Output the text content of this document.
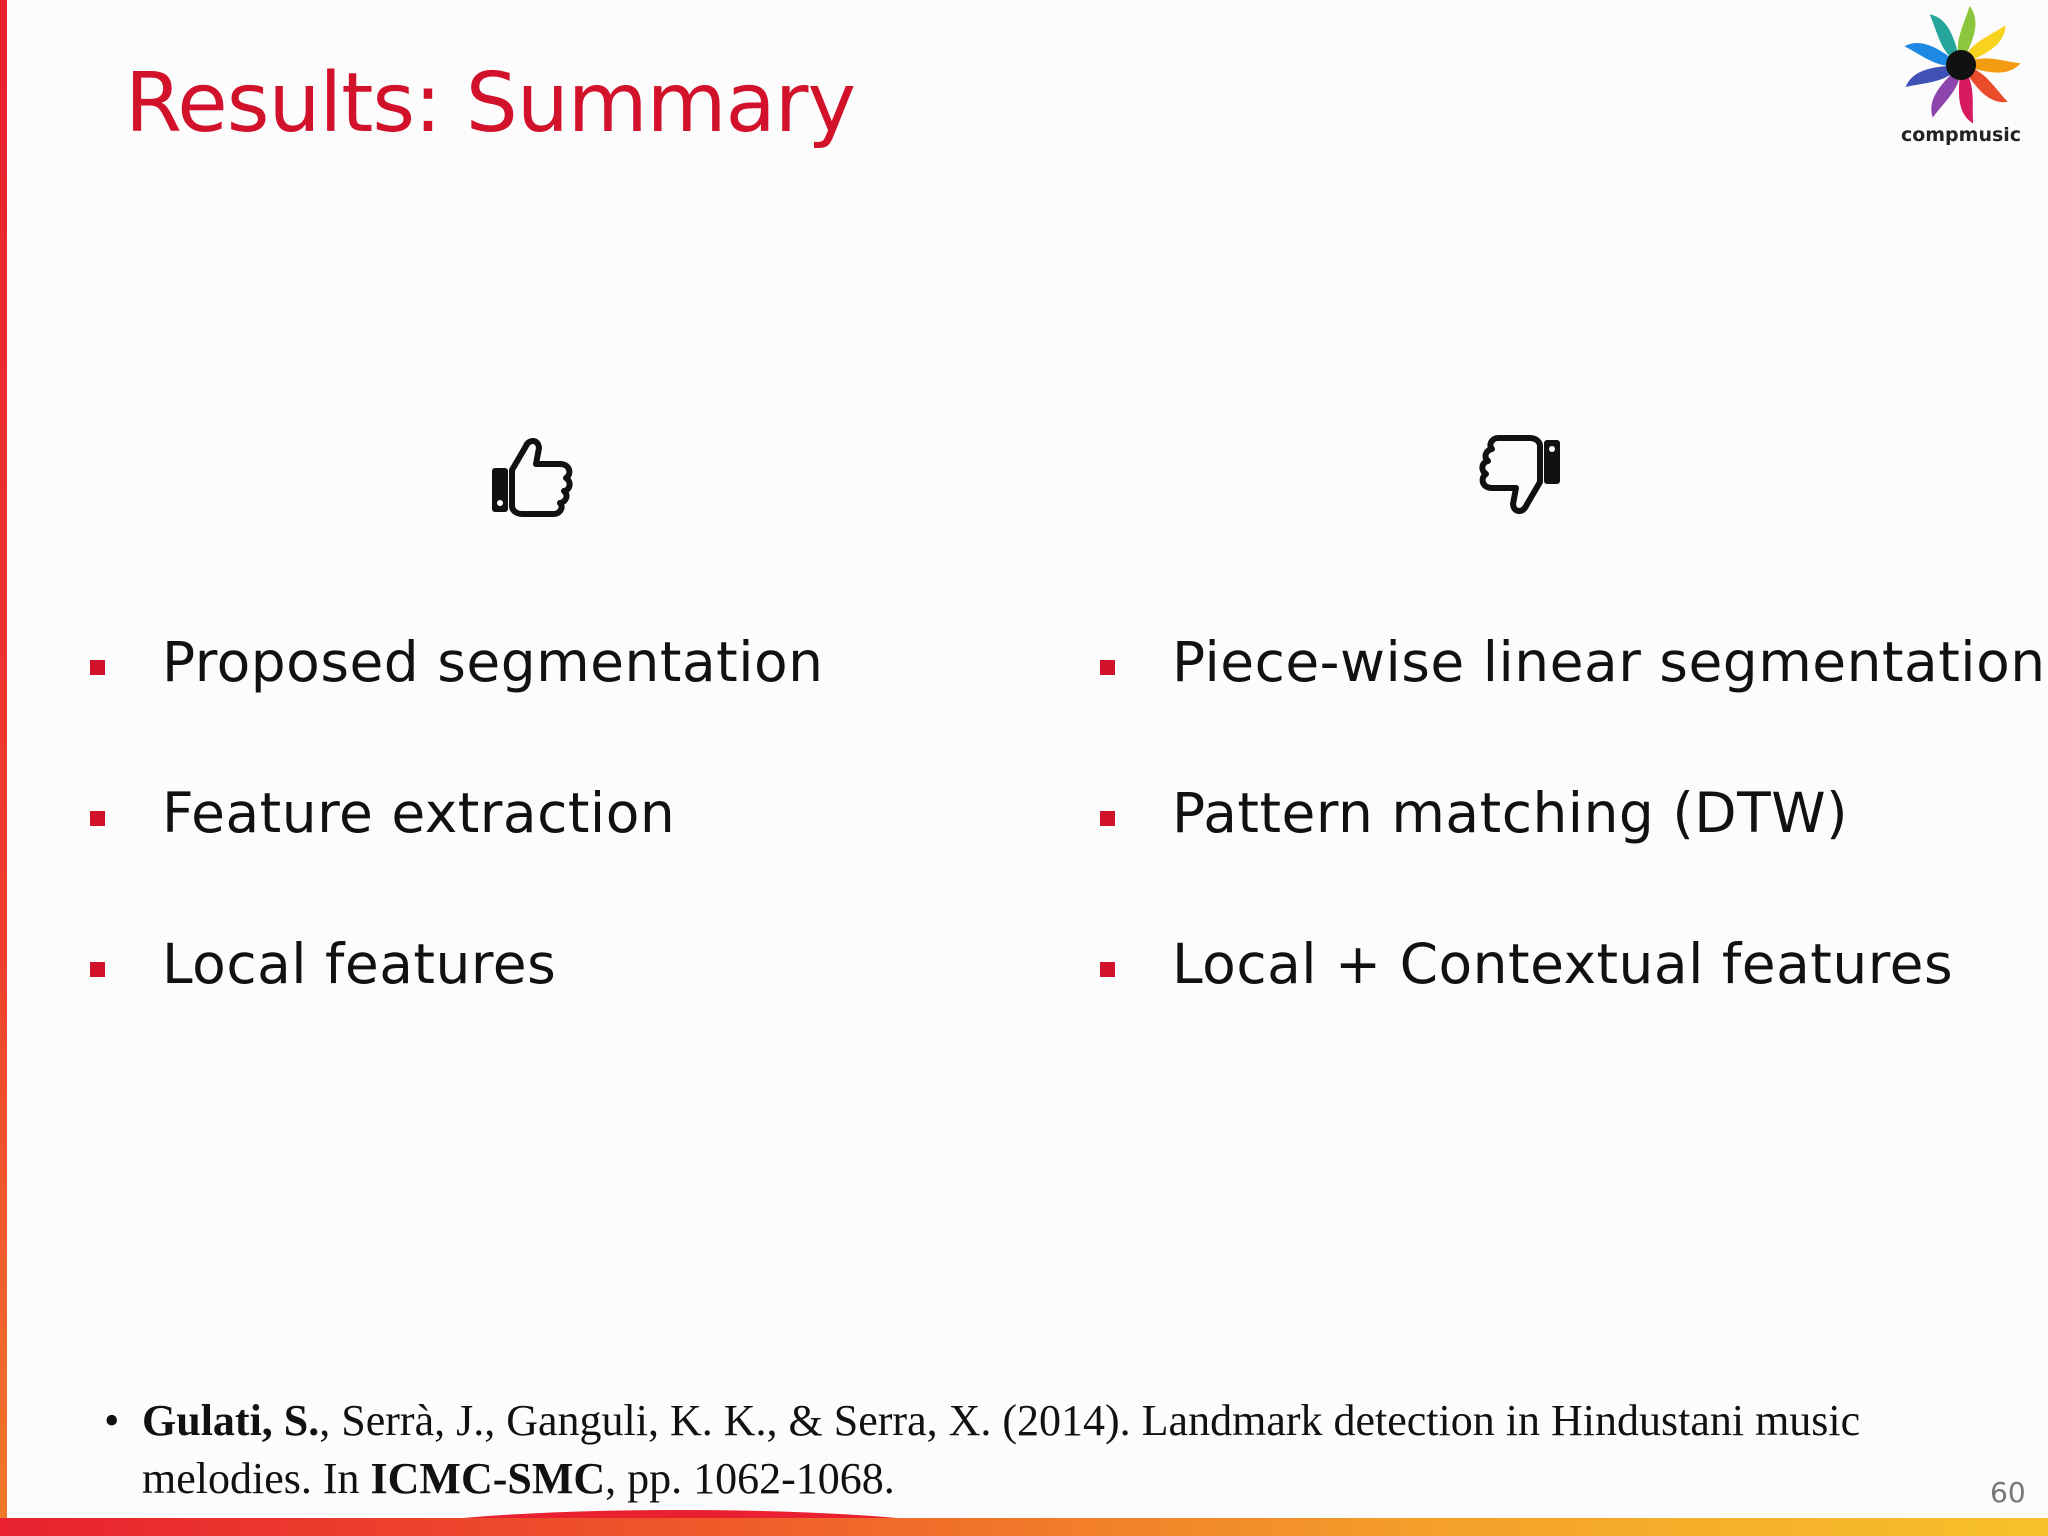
Results: Summary	compmusic
Proposed segmentation
Feature extraction
Local features
Piece-wise linear segmentation
Pattern matching (DTW)
Local + Contextual features
• Gulati, S., Serrà, J., Ganguli, K. K., & Serra, X. (2014). Landmark detection in Hindustani music melodies. In ICMC-SMC, pp. 1062-1068.	60
